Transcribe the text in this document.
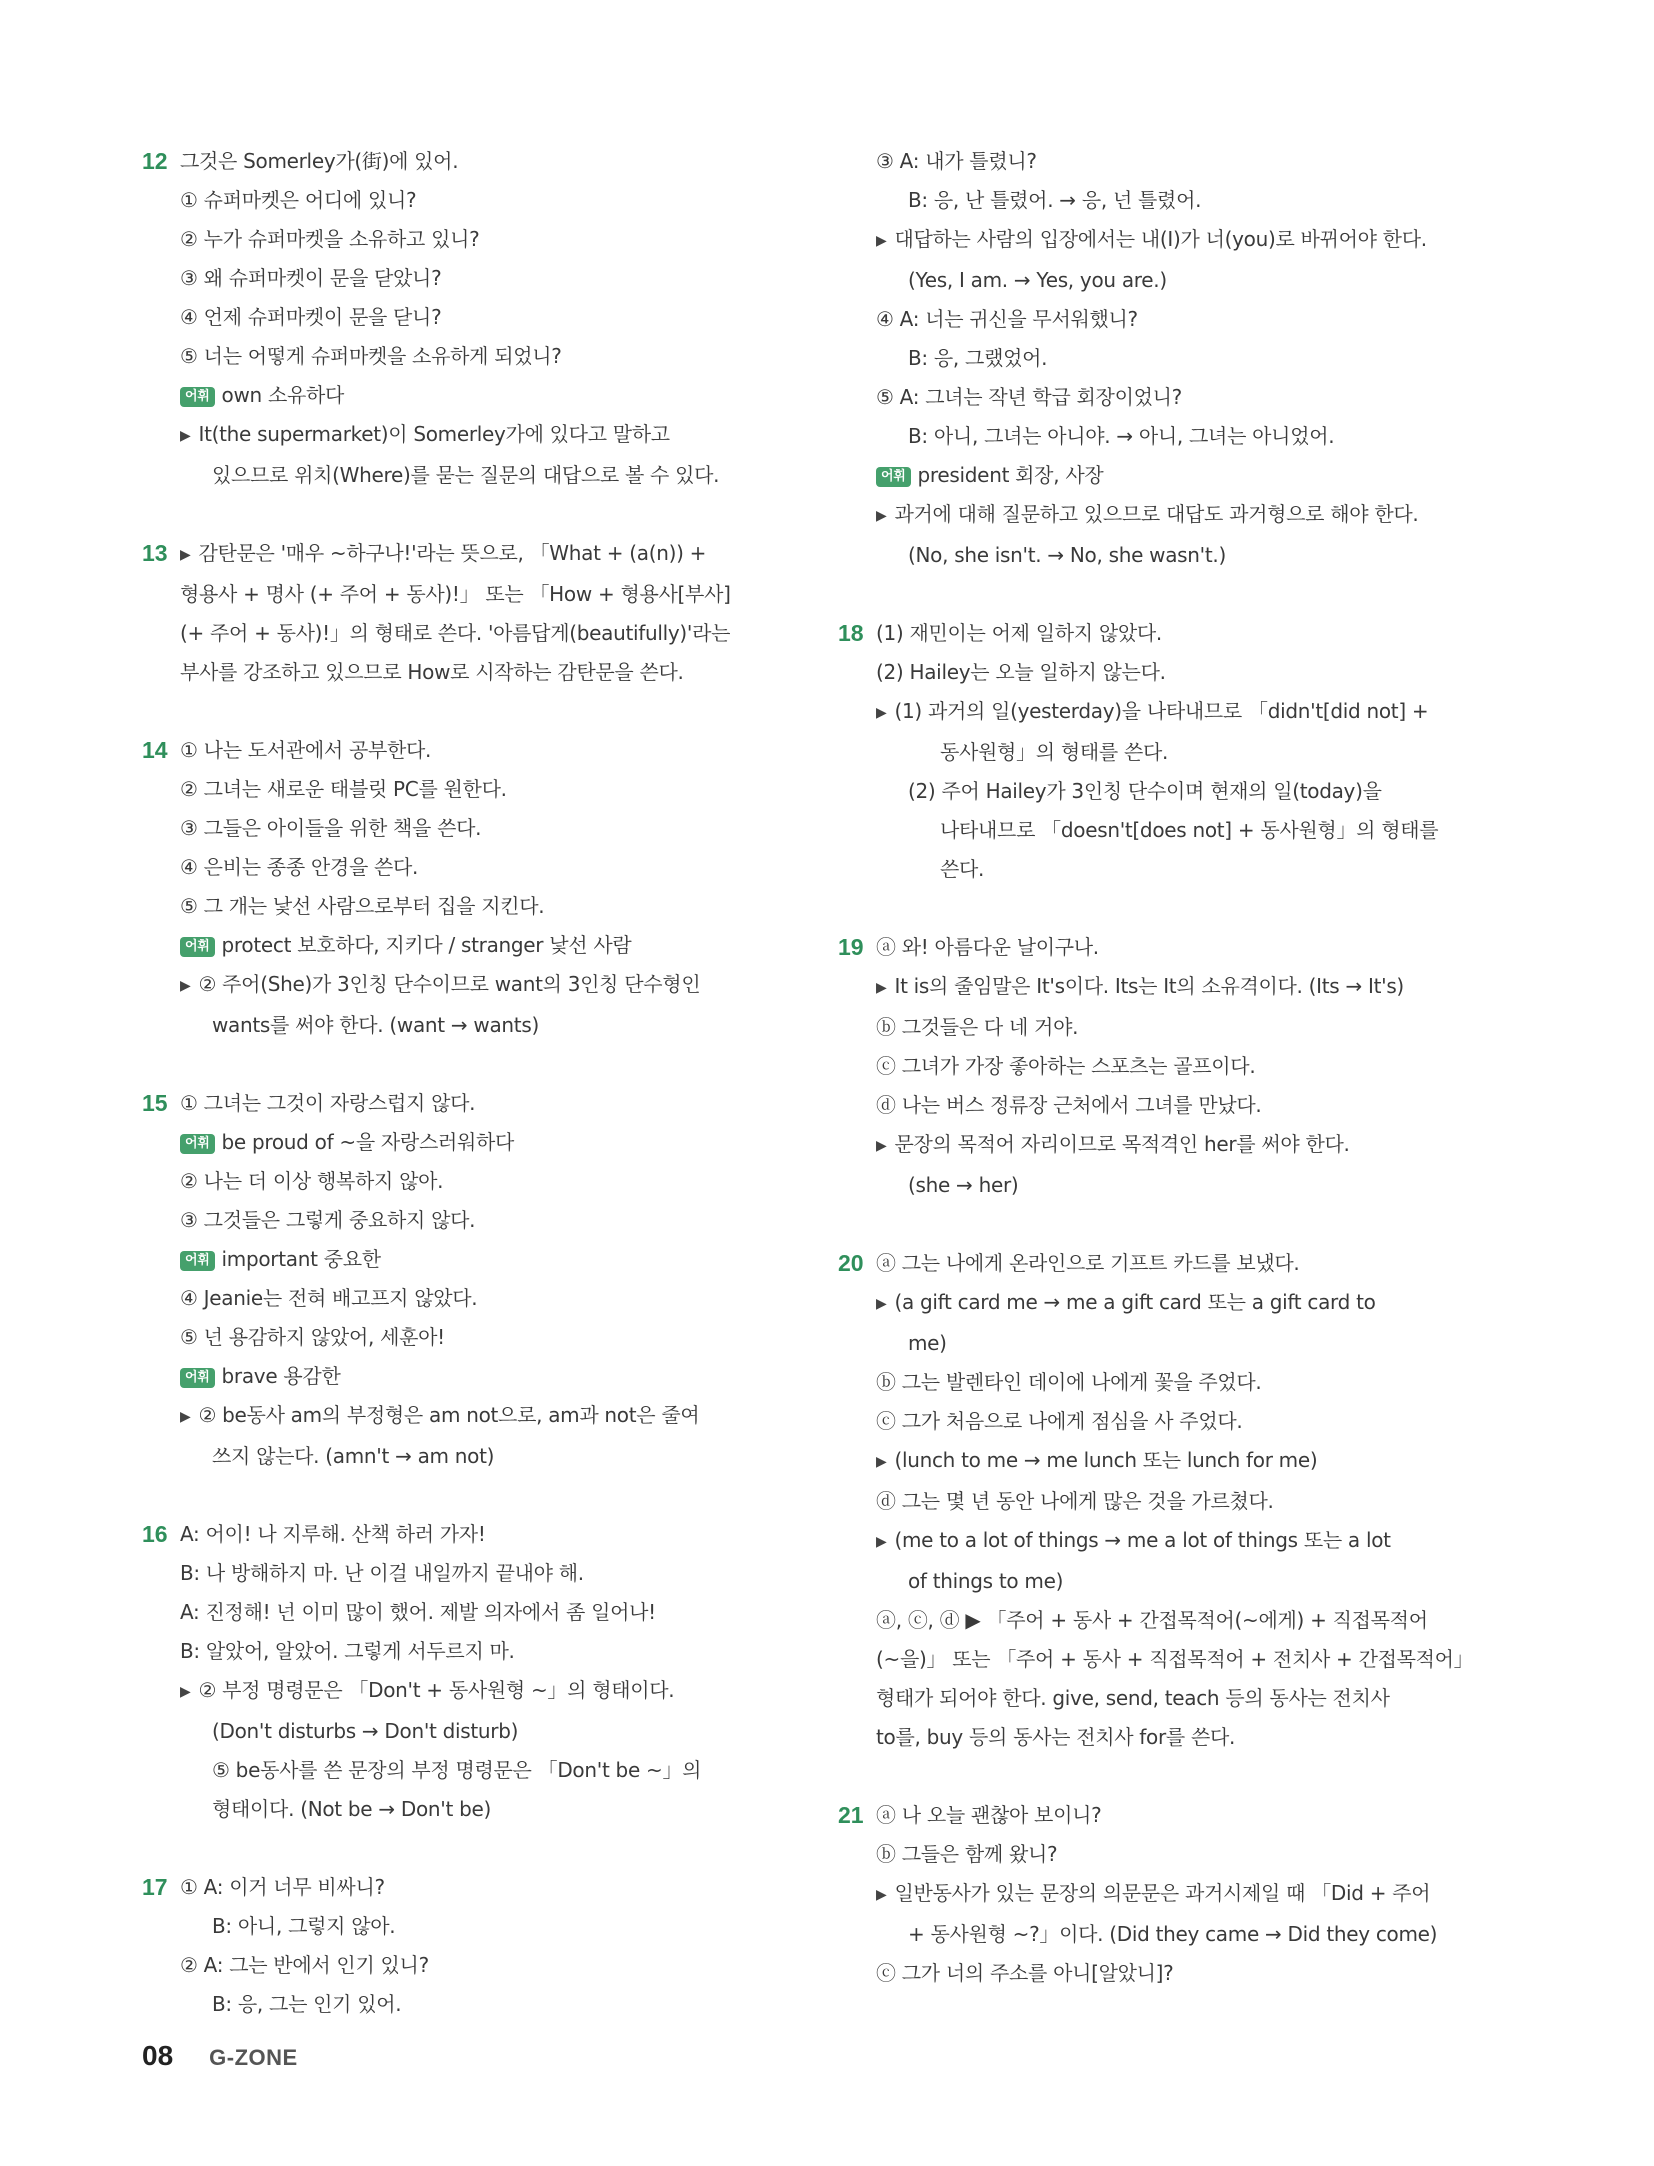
12 그것은 Somerley가(街)에 있어.
① 슈퍼마켓은 어디에 있니?
② 누가 슈퍼마켓을 소유하고 있니?
③ 왜 슈퍼마켓이 문을 닫았니?
④ 언제 슈퍼마켓이 문을 닫니?
⑤ 너는 어떻게 슈퍼마켓을 소유하게 되었니?
어휘 own 소유하다
▶ It(the supermarket)이 Somerley가에 있다고 말하고
있으므로 위치(Where)를 묻는 질문의 대답으로 볼 수 있다.
13 ▶ 감탄문은 '매우 ~하구나!'라는 뜻으로, 「What + (a(n)) +
형용사 + 명사 (+ 주어 + 동사)!」 또는 「How + 형용사[부사]
(+ 주어 + 동사)!」의 형태로 쓴다. '아름답게(beautifully)'라는
부사를 강조하고 있으므로 How로 시작하는 감탄문을 쓴다.
14 ① 나는 도서관에서 공부한다.
② 그녀는 새로운 태블릿 PC를 원한다.
③ 그들은 아이들을 위한 책을 쓴다.
④ 은비는 종종 안경을 쓴다.
⑤ 그 개는 낯선 사람으로부터 집을 지킨다.
어휘 protect 보호하다, 지키다 / stranger 낯선 사람
▶ ② 주어(She)가 3인칭 단수이므로 want의 3인칭 단수형인
wants를 써야 한다. (want → wants)
15 ① 그녀는 그것이 자랑스럽지 않다.
어휘 be proud of ~을 자랑스러워하다
② 나는 더 이상 행복하지 않아.
③ 그것들은 그렇게 중요하지 않다.
어휘 important 중요한
④ Jeanie는 전혀 배고프지 않았다.
⑤ 넌 용감하지 않았어, 세훈아!
어휘 brave 용감한
▶ ② be동사 am의 부정형은 am not으로, am과 not은 줄여
쓰지 않는다. (amn't → am not)
16 A: 어이! 나 지루해. 산책 하러 가자!
B: 나 방해하지 마. 난 이걸 내일까지 끝내야 해.
A: 진정해! 넌 이미 많이 했어. 제발 의자에서 좀 일어나!
B: 알았어, 알았어. 그렇게 서두르지 마.
▶ ② 부정 명령문은 「Don't + 동사원형 ~」의 형태이다.
(Don't disturbs → Don't disturb)
⑤ be동사를 쓴 문장의 부정 명령문은 「Don't be ~」의
형태이다. (Not be → Don't be)
17 ① A: 이거 너무 비싸니?
B: 아니, 그렇지 않아.
② A: 그는 반에서 인기 있니?
B: 응, 그는 인기 있어.
③ A: 내가 틀렸니?
B: 응, 난 틀렸어. → 응, 넌 틀렸어.
▶ 대답하는 사람의 입장에서는 내(I)가 너(you)로 바뀌어야 한다.
(Yes, I am. → Yes, you are.)
④ A: 너는 귀신을 무서워했니?
B: 응, 그랬었어.
⑤ A: 그녀는 작년 학급 회장이었니?
B: 아니, 그녀는 아니야. → 아니, 그녀는 아니었어.
어휘 president 회장, 사장
▶ 과거에 대해 질문하고 있으므로 대답도 과거형으로 해야 한다.
(No, she isn't. → No, she wasn't.)
18 (1) 재민이는 어제 일하지 않았다.
(2) Hailey는 오늘 일하지 않는다.
▶ (1) 과거의 일(yesterday)을 나타내므로 「didn't[did not] +
동사원형」의 형태를 쓴다.
(2) 주어 Hailey가 3인칭 단수이며 현재의 일(today)을
나타내므로 「doesn't[does not] + 동사원형」의 형태를
쓴다.
19 ⓐ 와! 아름다운 날이구나.
▶ It is의 줄임말은 It's이다. Its는 It의 소유격이다. (Its → It's)
ⓑ 그것들은 다 네 거야.
ⓒ 그녀가 가장 좋아하는 스포츠는 골프이다.
ⓓ 나는 버스 정류장 근처에서 그녀를 만났다.
▶ 문장의 목적어 자리이므로 목적격인 her를 써야 한다.
(she → her)
20 ⓐ 그는 나에게 온라인으로 기프트 카드를 보냈다.
▶ (a gift card me → me a gift card 또는 a gift card to
me)
ⓑ 그는 발렌타인 데이에 나에게 꽃을 주었다.
ⓒ 그가 처음으로 나에게 점심을 사 주었다.
▶ (lunch to me → me lunch 또는 lunch for me)
ⓓ 그는 몇 년 동안 나에게 많은 것을 가르쳤다.
▶ (me to a lot of things → me a lot of things 또는 a lot
of things to me)
ⓐ, ⓒ, ⓓ ▶ 「주어 + 동사 + 간접목적어(~에게) + 직접목적어
(~을)」 또는 「주어 + 동사 + 직접목적어 + 전치사 + 간접목적어」
형태가 되어야 한다. give, send, teach 등의 동사는 전치사
to를, buy 등의 동사는 전치사 for를 쓴다.
21 ⓐ 나 오늘 괜찮아 보이니?
ⓑ 그들은 함께 왔니?
▶ 일반동사가 있는 문장의 의문문은 과거시제일 때 「Did + 주어
+ 동사원형 ~?」이다. (Did they came → Did they come)
ⓒ 그가 너의 주소를 아니[알았니]?
08 G-ZONE
